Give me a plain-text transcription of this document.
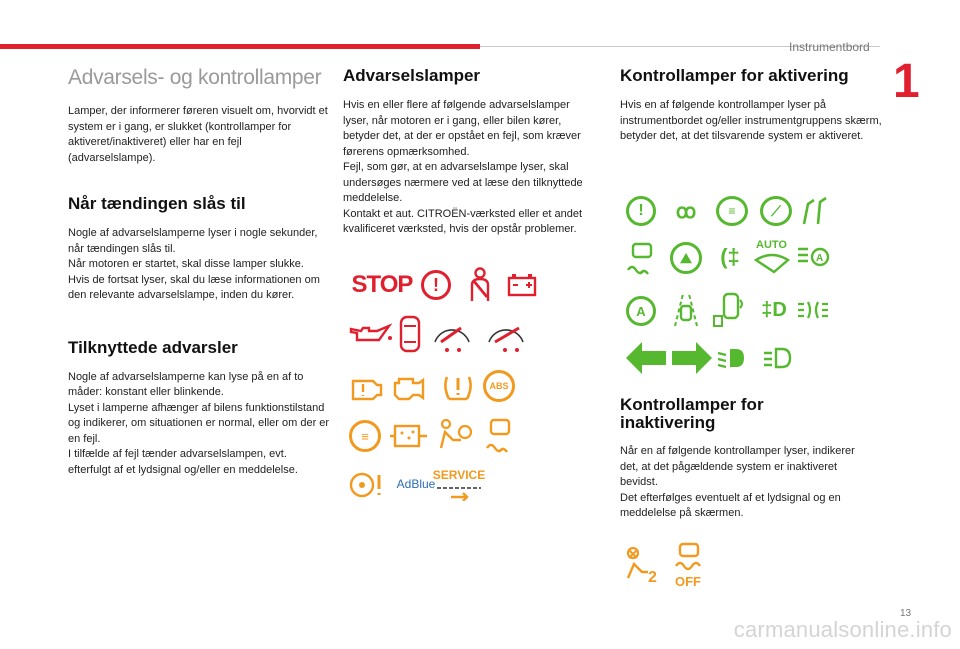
Instrumentbord
1
Advarsels- og kontrollamper

Lamper, der informerer føreren visuelt om, hvorvidt et system er i gang, er slukket (kontrollamper for aktiveret/inaktiveret) eller har en fejl (advarselslampe).

Når tændingen slås til

Nogle af advarselslamperne lyser i nogle sekunder, når tændingen slås til.
Når motoren er startet, skal disse lamper slukke.
Hvis de fortsat lyser, skal du læse informationen om den relevante advarselslampe, inden du kører.

Tilknyttede advarsler

Nogle af advarselslamperne kan lyse på en af to måder: konstant eller blinkende.
Lyset i lamperne afhænger af bilens funktionstilstand og indikerer, om situationen er normal, eller om der er en fejl.
I tilfælde af fejl tænder advarselslampen, evt. efterfulgt af et lydsignal og/eller en meddelelse.

Advarselslamper

Hvis en eller flere af følgende advarselslamper lyser, når motoren er i gang, eller bilen kører, betyder det, at der er opstået en fejl, som kræver førerens opmærksomhed.
Fejl, som gør, at en advarselslampe lyser, skal undersøges nærmere ved at læse den tilknyttede meddelelse.
Kontakt et aut. CITROËN-værksted eller et andet kvalificeret værksted, hvis der opstår problemer.

STOP	!
ABS
≡
AdBlue
SERVICE
Kontrollamper for aktivering

Hvis en af følgende kontrollamper lyser på instrumentbordet og/eller instrumentgruppens skærm, betyder det, at det tilsvarende system er aktiveret.

!	ꝏ	≡	⟋
⛰	(‡	AUTO
A
A	‡D
Kontrollamper for inaktivering

Når en af følgende kontrollamper lyser, indikerer det, at det pågældende system er inaktiveret bevidst.
Det efterfølges eventuelt af et lydsignal og en meddelelse på skærmen.

2 OFF
13
carmanualsonline.info
